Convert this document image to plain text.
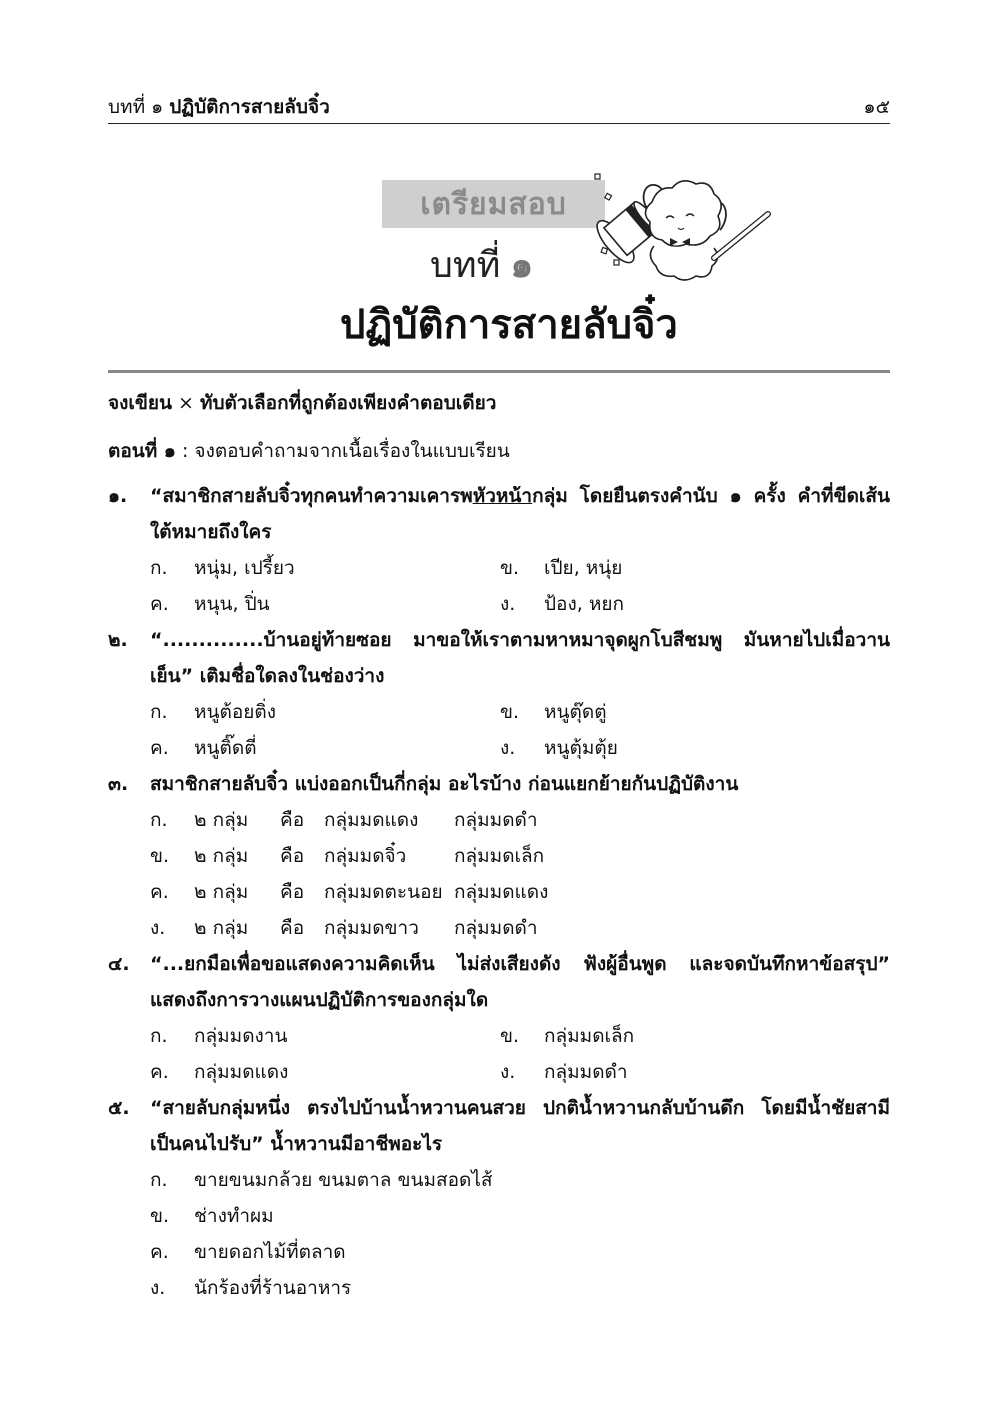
บทที่ ๑ ปฏิบัติการสายลับจิ๋ว	๑๕
เตรียมสอบ
บทที่ ๑
ปฏิบัติการสายลับจิ๋ว
จงเขียน × ทับตัวเลือกที่ถูกต้องเพียงคำตอบเดียว
ตอนที่ ๑ : จงตอบคำถามจากเนื้อเรื่องในแบบเรียน
๑.	“สมาชิกสายลับจิ๋วทุกคนทำความเคารพหัวหน้ากลุ่ม โดยยืนตรงคำนับ ๑ ครั้ง คำที่ขีดเส้นใต้หมายถึงใคร
ก.	หนุ่ม, เปรี้ยว	ข.	เปีย, หนุ่ย
ค.	หนุน, ปิ่น	ง.	ป้อง, หยก
๒.	“..............บ้านอยู่ท้ายซอย มาขอให้เราตามหาหมาจุดผูกโบสีชมพู มันหายไปเมื่อวานเย็น” เติมชื่อใดลงในช่องว่าง
ก.	หนูต้อยติ่ง	ข.	หนูตุ๊ดตู่
ค.	หนูติ๊ดตี่	ง.	หนูตุ้มตุ้ย
๓.	สมาชิกสายลับจิ๋ว แบ่งออกเป็นกี่กลุ่ม อะไรบ้าง ก่อนแยกย้ายกันปฏิบัติงาน
ก.	๒ กลุ่ม	คือ	กลุ่มมดแดง	กลุ่มมดดำ
ข.	๒ กลุ่ม	คือ	กลุ่มมดจิ๋ว	กลุ่มมดเล็ก
ค.	๒ กลุ่ม	คือ	กลุ่มมดตะนอย กลุ่มมดแดง
ง.	๒ กลุ่ม	คือ	กลุ่มมดขาว	กลุ่มมดดำ
๔.	“...ยกมือเพื่อขอแสดงความคิดเห็น ไม่ส่งเสียงดัง ฟังผู้อื่นพูด และจดบันทึกหาข้อสรุป” แสดงถึงการวางแผนปฏิบัติการของกลุ่มใด
ก.	กลุ่มมดงาน	ข.	กลุ่มมดเล็ก
ค.	กลุ่มมดแดง	ง.	กลุ่มมดดำ
๕.	“สายลับกลุ่มหนึ่ง ตรงไปบ้านน้ำหวานคนสวย ปกติน้ำหวานกลับบ้านดึก โดยมีน้ำชัยสามีเป็นคนไปรับ” น้ำหวานมีอาชีพอะไร
ก.	ขายขนมกล้วย ขนมตาล ขนมสอดไส้
ข.	ช่างทำผม
ค.	ขายดอกไม้ที่ตลาด
ง.	นักร้องที่ร้านอาหาร
